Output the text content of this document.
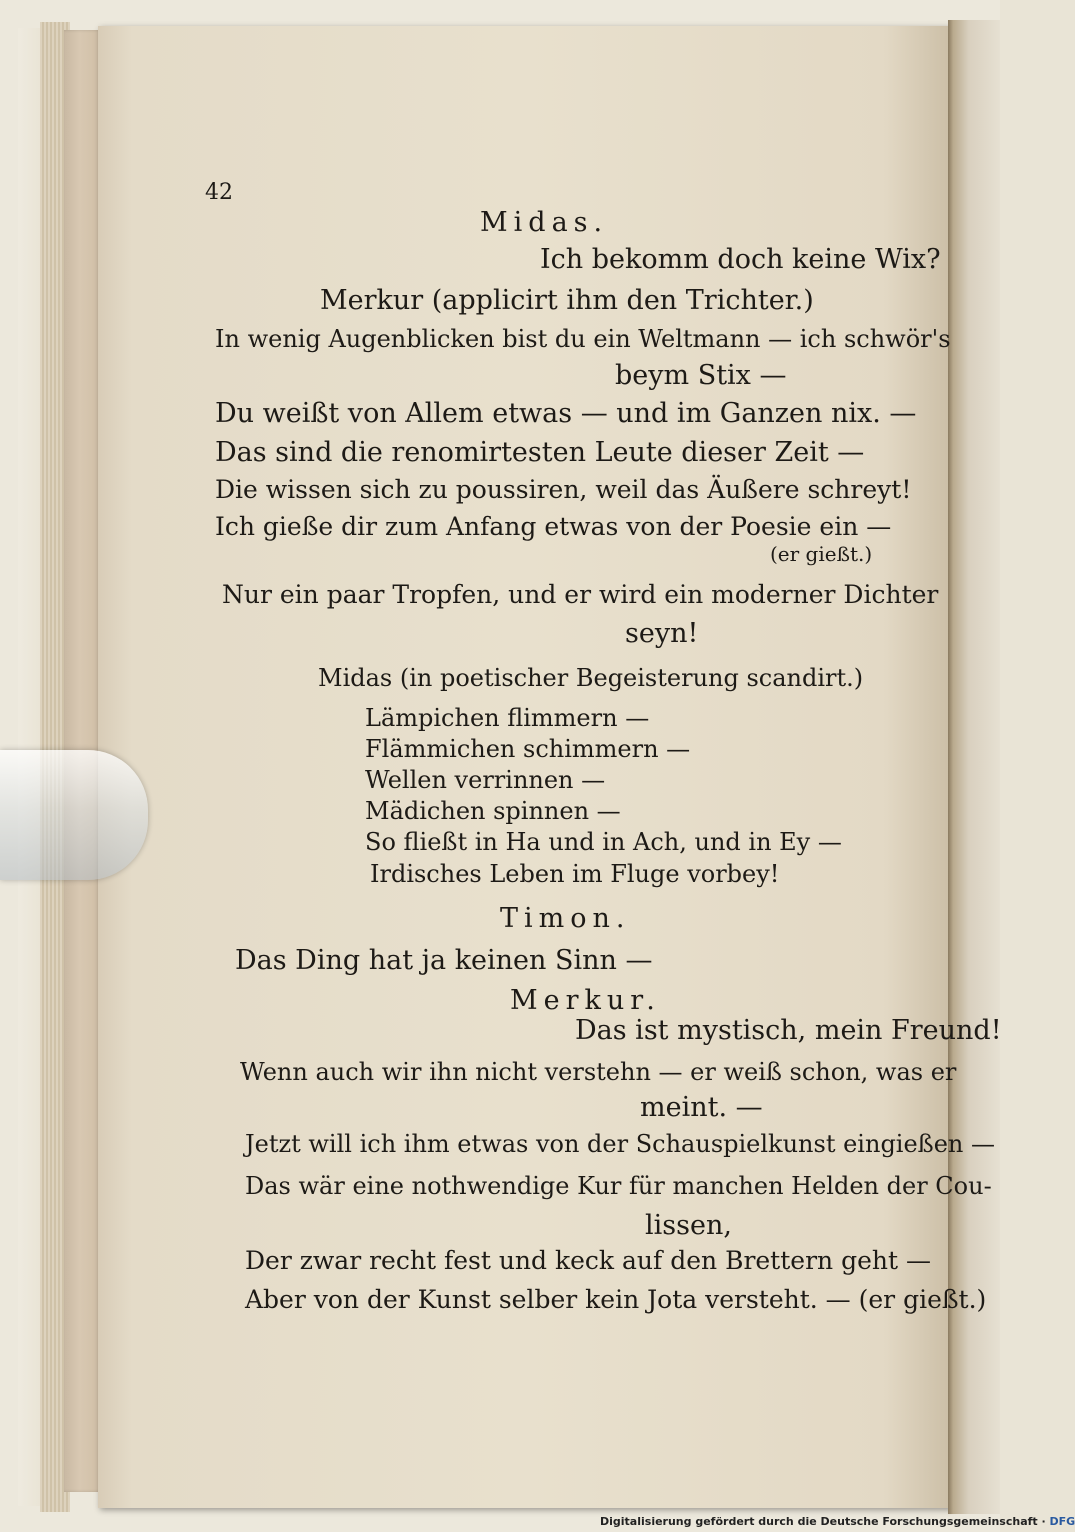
42
Midas.
Ich bekomm doch keine Wix?
Merkur (applicirt ihm den Trichter.)
In wenig Augenblicken bist du ein Weltmann — ich schwör's
beym Stix —
Du weißt von Allem etwas — und im Ganzen nix. —
Das sind die renomirtesten Leute dieser Zeit —
Die wissen sich zu poussiren, weil das Äußere schreyt!
Ich gieße dir zum Anfang etwas von der Poesie ein —
(er gießt.)
Nur ein paar Tropfen, und er wird ein moderner Dichter
seyn!
Midas (in poetischer Begeisterung scandirt.)
Lämpichen flimmern —
Flämmichen schimmern —
Wellen verrinnen —
Mädichen spinnen —
So fließt in Ha und in Ach, und in Ey —
Irdisches Leben im Fluge vorbey!
Timon.
Das Ding hat ja keinen Sinn —
Merkur.
Das ist mystisch, mein Freund!
Wenn auch wir ihn nicht verstehn — er weiß schon, was er
meint. —
Jetzt will ich ihm etwas von der Schauspielkunst eingießen —
Das wär eine nothwendige Kur für manchen Helden der Cou-
lissen,
Der zwar recht fest und keck auf den Brettern geht —
Aber von der Kunst selber kein Jota versteht. — (er gießt.)
Digitalisierung gefördert durch die Deutsche Forschungsgemeinschaft · DFG
